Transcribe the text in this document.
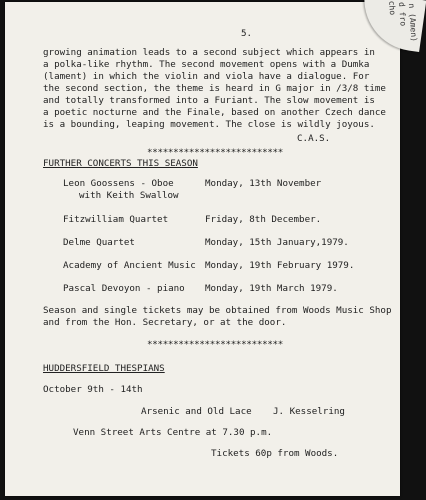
n (Amen)
d fro
cho
5.
growing animation leads to a second subject which appears in
a polka-like rhythm. The second movement opens with a Dumka
(lament) in which the violin and viola have a dialogue. For
the second section, the theme is heard in G major in /3/8 time
and totally transformed into a Furiant. The slow movement is
a poetic nocturne and the Finale, based on another Czech dance
is a bounding, leaping movement. The close is wildly joyous.
C.A.S.
**************************
FURTHER CONCERTS THIS SEASON
Leon Goossens - Oboe	Monday, 13th November
with Keith Swallow
Fitzwilliam Quartet	Friday, 8th December.
Delme Quartet	Monday, 15th January,1979.
Academy of Ancient Music Monday, 19th February 1979.
Pascal Devoyon - piano Monday, 19th March 1979.
Season and single tickets may be obtained from Woods Music Shop
and from the Hon. Secretary, or at the door.
**************************
HUDDERSFIELD THESPIANS
October 9th - 14th
Arsenic and Old Lace J. Kesselring
Venn Street Arts Centre at 7.30 p.m.
Tickets 60p from Woods.
